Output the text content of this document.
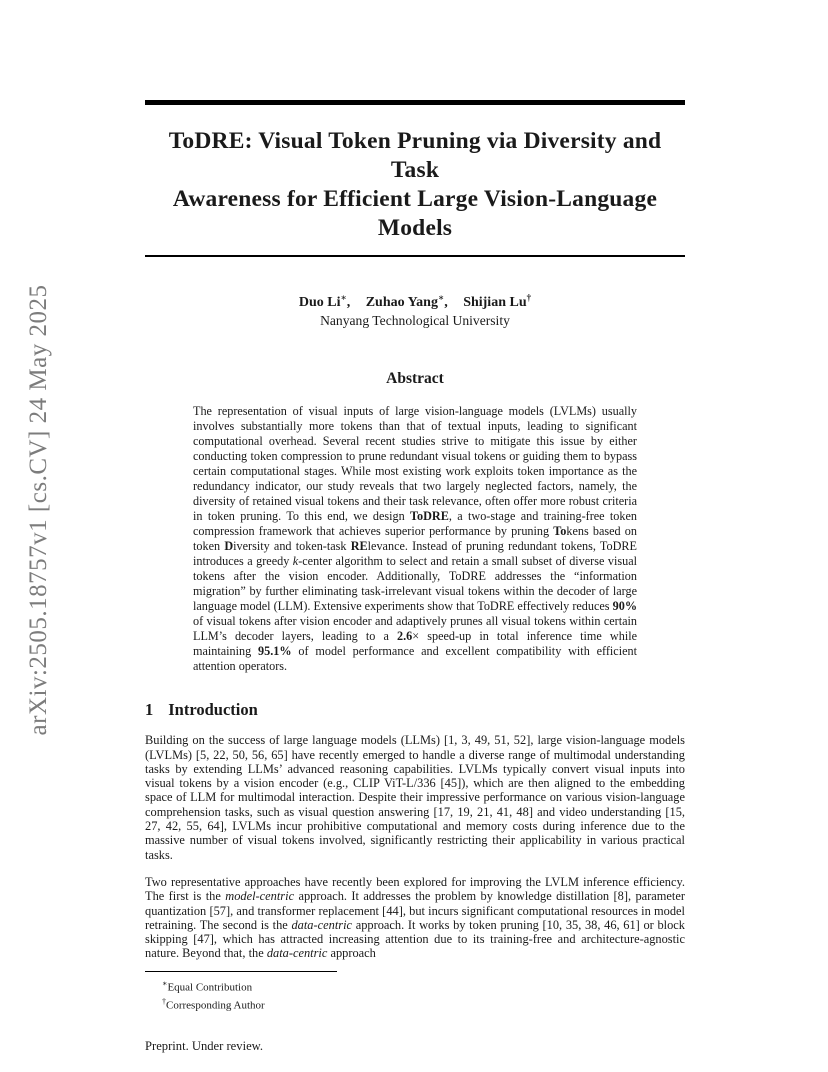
arXiv:2505.18757v1 [cs.CV] 24 May 2025
ToDRE: Visual Token Pruning via Diversity and Task
Awareness for Efficient Large Vision-Language Models
Duo Li∗, Zuhao Yang∗, Shijian Lu†
Nanyang Technological University
Abstract

The representation of visual inputs of large vision-language models (LVLMs) usually involves substantially more tokens than that of textual inputs, leading to significant computational overhead. Several recent studies strive to mitigate this issue by either conducting token compression to prune redundant visual tokens or guiding them to bypass certain computational stages. While most existing work exploits token importance as the redundancy indicator, our study reveals that two largely neglected factors, namely, the diversity of retained visual tokens and their task relevance, often offer more robust criteria in token pruning. To this end, we design ToDRE, a two-stage and training-free token compression framework that achieves superior performance by pruning Tokens based on token Diversity and token-task RElevance. Instead of pruning redundant tokens, ToDRE introduces a greedy k-center algorithm to select and retain a small subset of diverse visual tokens after the vision encoder. Additionally, ToDRE addresses the “information migration” by further eliminating task-irrelevant visual tokens within the decoder of large language model (LLM). Extensive experiments show that ToDRE effectively reduces 90% of visual tokens after vision encoder and adaptively prunes all visual tokens within certain LLM’s decoder layers, leading to a 2.6× speed-up in total inference time while maintaining 95.1% of model performance and excellent compatibility with efficient attention operators.

1 Introduction

Building on the success of large language models (LLMs) [1, 3, 49, 51, 52], large vision-language models (LVLMs) [5, 22, 50, 56, 65] have recently emerged to handle a diverse range of multimodal understanding tasks by extending LLMs’ advanced reasoning capabilities. LVLMs typically convert visual inputs into visual tokens by a vision encoder (e.g., CLIP ViT-L/336 [45]), which are then aligned to the embedding space of LLM for multimodal interaction. Despite their impressive performance on various vision-language comprehension tasks, such as visual question answering [17, 19, 21, 41, 48] and video understanding [15, 27, 42, 55, 64], LVLMs incur prohibitive computational and memory costs during inference due to the massive number of visual tokens involved, significantly restricting their applicability in various practical tasks.

Two representative approaches have recently been explored for improving the LVLM inference efficiency. The first is the model-centric approach. It addresses the problem by knowledge distillation [8], parameter quantization [57], and transformer replacement [44], but incurs significant computational resources in model retraining. The second is the data-centric approach. It works by token pruning [10, 35, 38, 46, 61] or block skipping [47], which has attracted increasing attention due to its training-free and architecture-agnostic nature. Beyond that, the data-centric approach

∗Equal Contribution
†Corresponding Author
Preprint. Under review.
